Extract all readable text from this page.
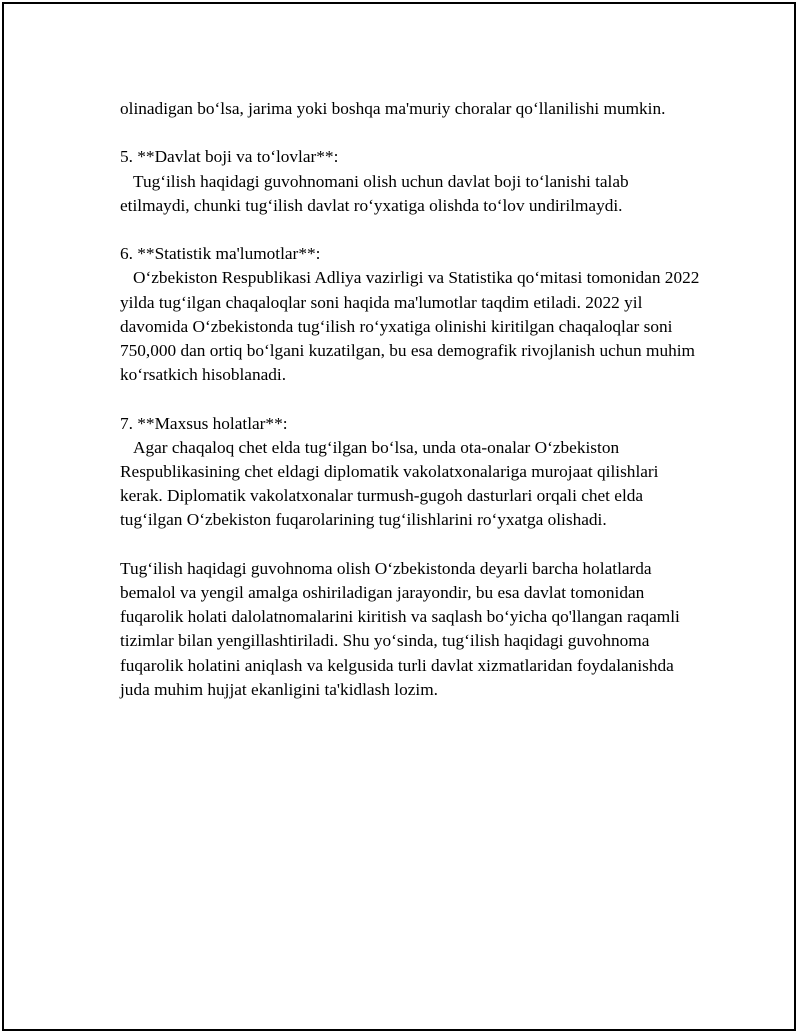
olinadigan bo‘lsa, jarima yoki boshqa ma'muriy choralar qo‘llanilishi mumkin.

5. **Davlat boji va to‘lovlar**:
Tug‘ilish haqidagi guvohnomani olish uchun davlat boji to‘lanishi talab etilmaydi, chunki tug‘ilish davlat ro‘yxatiga olishda to‘lov undirilmaydi.
6. **Statistik ma'lumotlar**:
O‘zbekiston Respublikasi Adliya vazirligi va Statistika qo‘mitasi tomonidan 2022 yilda tug‘ilgan chaqaloqlar soni haqida ma'lumotlar taqdim etiladi. 2022 yil davomida O‘zbekistonda tug‘ilish ro‘yxatiga olinishi kiritilgan chaqaloqlar soni 750,000 dan ortiq bo‘lgani kuzatilgan, bu esa demografik rivojlanish uchun muhim ko‘rsatkich hisoblanadi.
7. **Maxsus holatlar**:
Agar chaqaloq chet elda tug‘ilgan bo‘lsa, unda ota-onalar O‘zbekiston Respublikasining chet eldagi diplomatik vakolatxonalariga murojaat qilishlari kerak. Diplomatik vakolatxonalar turmush-gugoh dasturlari orqali chet elda tug‘ilgan O‘zbekiston fuqarolarining tug‘ilishlarini ro‘yxatga olishadi.

Tug‘ilish haqidagi guvohnoma olish O‘zbekistonda deyarli barcha holatlarda bemalol va yengil amalga oshiriladigan jarayondir, bu esa davlat tomonidan fuqarolik holati dalolatnomalarini kiritish va saqlash bo‘yicha qo'llangan raqamli tizimlar bilan yengillashtiriladi. Shu yo‘sinda, tug‘ilish haqidagi guvohnoma fuqarolik holatini aniqlash va kelgusida turli davlat xizmatlaridan foydalanishda juda muhim hujjat ekanligini ta'kidlash lozim.
